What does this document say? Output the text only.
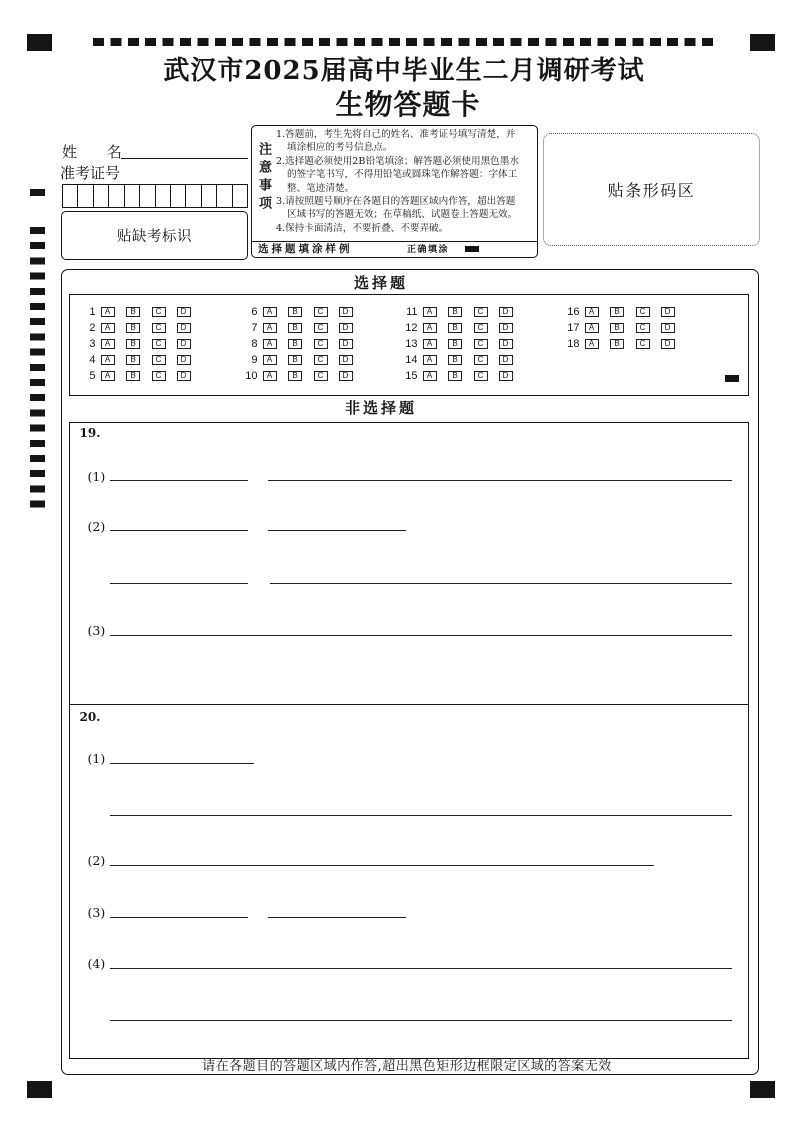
武汉市2025届高中毕业生二月调研考试
生物答题卡
姓 名
准考证号
贴缺考标识
注意事项
1.答题前，考生先将自己的姓名、准考证号填写清楚，并
填涂相应的考号信息点。
2.选择题必须使用2B铅笔填涂；解答题必须使用黑色墨水
的签字笔书写，不得用铅笔或圆珠笔作解答题：字体工
整、笔迹清楚。
3.请按照题号顺序在各题目的答题区域内作答，超出答题
区域书写的答题无效；在草稿纸、试题卷上答题无效。
4.保持卡面清洁，不要折叠、不要弄破。
选择题填涂样例	正确填涂
贴条形码区
选择题
1	A	B	C	D
2	A	B	C	D
3	A	B	C	D
4	A	B	C	D
5	A	B	C	D
6	A	B	C	D
7	A	B	C	D
8	A	B	C	D
9	A	B	C	D
10	A	B	C	D
11	A	B	C	D
12	A	B	C	D
13	A	B	C	D
14	A	B	C	D
15	A	B	C	D
16	A	B	C	D
17	A	B	C	D
18	A	B	C	D
非选择题
19.
(1)
(2)
(3)
20.
(1)
(2)
(3)
(4)
请在各题目的答题区域内作答,超出黑色矩形边框限定区域的答案无效
